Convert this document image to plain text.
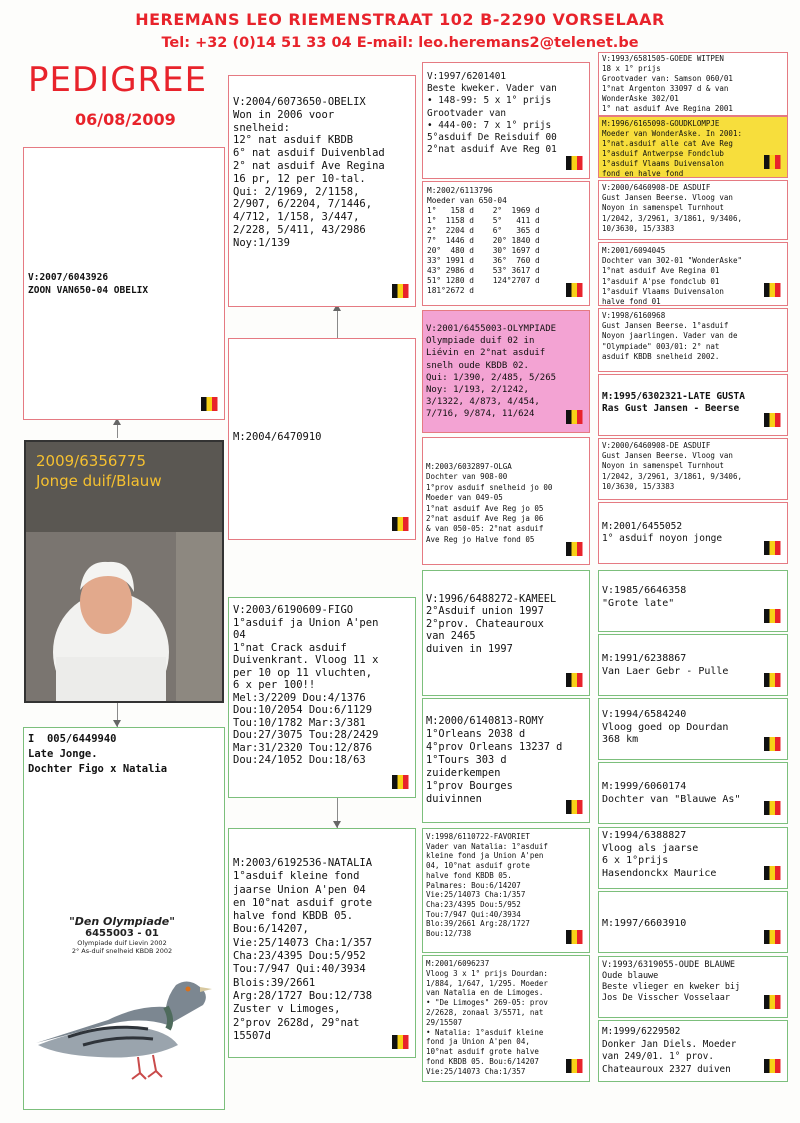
HEREMANS LEO RIEMENSTRAAT 102 B-2290 VORSELAAR
Tel: +32 (0)14 51 33 04 E-mail: leo.heremans2@telenet.be
PEDIGREE
06/08/2009
V:2007/6043926
ZOON VAN650-04 OBELIX
I  005/6449940
Late Jonge.
Dochter Figo x Natalia
2009/6356775
Jonge duif/Blauw
"Den Olympiade"
6455003 - 01
Olympiade duif Lievin 2002
2° As-duif snelheid KBDB 2002
V:2004/6073650-OBELIX
Won in 2006 voor
snelheid:
12° nat asduif KBDB
6° nat asduif Duivenblad
2° nat asduif Ave Regina
16 pr, 12 per 10-tal.
Qui: 2/1969, 2/1158,
2/907, 6/2204, 7/1446,
4/712, 1/158, 3/447,
2/228, 5/411, 43/2986
Noy:1/139
M:2004/6470910
V:2003/6190609-FIGO
1°asduif ja Union A'pen
04
1°nat Crack asduif
Duivenkrant. Vloog 11 x
per 10 op 11 vluchten,
6 x per 100!!
Mel:3/2209 Dou:4/1376
Dou:10/2054 Dou:6/1129
Tou:10/1782 Mar:3/381
Dou:27/3075 Tou:28/2429
Mar:31/2320 Tou:12/876
Dou:24/1052 Dou:18/63
M:2003/6192536-NATALIA
1°asduif kleine fond
jaarse Union A'pen 04
en 10°nat asduif grote
halve fond KBDB 05.
Bou:6/14207,
Vie:25/14073 Cha:1/357
Cha:23/4395 Dou:5/952
Tou:7/947 Qui:40/3934
Blois:39/2661
Arg:28/1727 Bou:12/738
Zuster v Limoges,
2°prov 2628d, 29°nat
15507d
V:1997/6201401
Beste kweker. Vader van
• 148-99: 5 x 1° prijs
Grootvader van
• 444-00: 7 x 1° prijs
5°asduif De Reisduif 00
2°nat asduif Ave Reg 01
M:2002/6113796
Moeder van 650-04
1°   158 d    2°  1969 d
1°  1158 d    5°   411 d
2°  2204 d    6°   365 d
7°  1446 d    20° 1840 d
20°  480 d    30° 1697 d
33° 1991 d    36°  760 d
43° 2986 d    53° 3617 d
51° 1280 d    124°2707 d
181°2672 d
V:2001/6455003-OLYMPIADE
Olympiade duif 02 in
Liévin en 2°nat asduif
snelh oude KBDB 02.
Qui: 1/390, 2/485, 5/265
Noy: 1/193, 2/1242,
3/1322, 4/873, 4/454,
7/716, 9/874, 11/624
M:2003/6032897-OLGA
Dochter van 908-00
1°prov asduif snelheid jo 00
Moeder van 049-05
1°nat asduif Ave Reg jo 05
2°nat asduif Ave Reg ja 06
& van 050-05: 2°nat asduif
Ave Reg jo Halve fond 05
V:1996/6488272-KAMEEL
2°Asduif union 1997
2°prov. Chateauroux
van 2465
duiven in 1997
M:2000/6140813-ROMY
1°Orleans 2038 d
4°prov Orleans 13237 d
1°Tours 303 d
zuiderkempen
1°prov Bourges
duivinnen
V:1998/6110722-FAVORIET
Vader van Natalia: 1°asduif
kleine fond ja Union A'pen
04, 10°nat asduif grote
halve fond KBDB 05.
Palmares: Bou:6/14207
Vie:25/14073 Cha:1/357
Cha:23/4395 Dou:5/952
Tou:7/947 Qui:40/3934
Blo:39/2661 Arg:28/1727
Bou:12/738
M:2001/6096237
Vloog 3 x 1° prijs Dourdan:
1/884, 1/647, 1/295. Moeder
van Natalia en de Limoges.
• "De Limoges" 269-05: prov
2/2628, zonaal 3/5571, nat
29/15507
• Natalia: 1°asduif kleine
fond ja Union A'pen 04,
10°nat asduif grote halve
fond KBDB 05. Bou:6/14207
Vie:25/14073 Cha:1/357
V:1993/6581505-GOEDE WITPEN
18 x 1° prijs
Grootvader van: Samson 060/01
1°nat Argenton 33097 d & van
WonderAske 302/01
1° nat asduif Ave Regina 2001
M:1996/6165098-GOUDKLOMPJE
Moeder van WonderAske. In 2001:
1°nat.asduif alle cat Ave Reg
1°asduif Antwerpse Fondclub
1°asduif Vlaams Duivensalon
fond en halve fond
V:2000/6460908-DE ASDUIF
Gust Jansen Beerse. Vloog van
Noyon in samenspel Turnhout
1/2042, 3/2961, 3/1861, 9/3406,
10/3630, 15/3383
M:2001/6094045
Dochter van 302-01 "WonderAske"
1°nat asduif Ave Regina 01
1°asduif A'pse fondclub 01
1°asduif Vlaams Duivensalon
halve fond 01
V:1998/6160968
Gust Jansen Beerse. 1°asduif
Noyon jaarlingen. Vader van de
"Olympiade" 003/01: 2° nat
asduif KBDB snelheid 2002.
M:1995/6302321-LATE GUSTA
Ras Gust Jansen - Beerse
V:2000/6460908-DE ASDUIF
Gust Jansen Beerse. Vloog van
Noyon in samenspel Turnhout
1/2042, 3/2961, 3/1861, 9/3406,
10/3630, 15/3383
M:2001/6455052
1° asduif noyon jonge
V:1985/6646358
"Grote late"
M:1991/6238867
Van Laer Gebr - Pulle
V:1994/6584240
Vloog goed op Dourdan
368 km
M:1999/6060174
Dochter van "Blauwe As"
V:1994/6388827
Vloog als jaarse
6 x 1°prijs
Hasendonckx Maurice
M:1997/6603910
V:1993/6319055-OUDE BLAUWE
Oude blauwe
Beste vlieger en kweker bij
Jos De Visscher Vosselaar
M:1999/6229502
Donker Jan Diels. Moeder
van 249/01. 1° prov.
Chateauroux 2327 duiven
